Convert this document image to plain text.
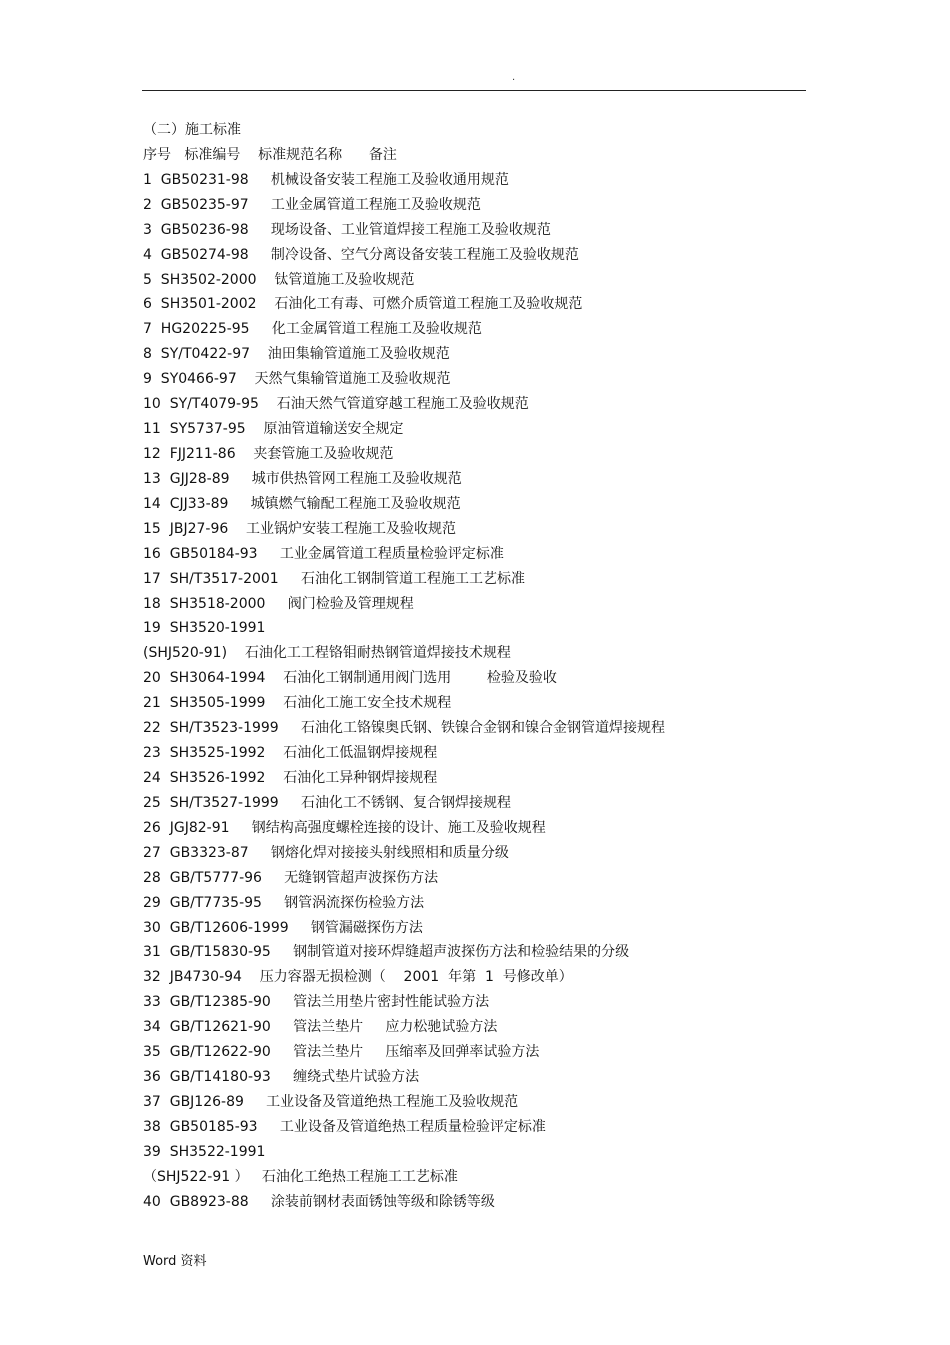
.
（二）施工标准
序号   标准编号    标准规范名称      备注
1  GB50231-98     机械设备安装工程施工及验收通用规范
2  GB50235-97     工业金属管道工程施工及验收规范
3  GB50236-98     现场设备、工业管道焊接工程施工及验收规范
4  GB50274-98     制冷设备、空气分离设备安装工程施工及验收规范
5  SH3502-2000    钛管道施工及验收规范
6  SH3501-2002    石油化工有毒、可燃介质管道工程施工及验收规范
7  HG20225-95     化工金属管道工程施工及验收规范
8  SY/T0422-97    油田集输管道施工及验收规范
9  SY0466-97    天然气集输管道施工及验收规范
10  SY/T4079-95    石油天然气管道穿越工程施工及验收规范
11  SY5737-95    原油管道输送安全规定
12  FJJ211-86    夹套管施工及验收规范
13  GJJ28-89     城市供热管网工程施工及验收规范
14  CJJ33-89     城镇燃气输配工程施工及验收规范
15  JBJ27-96    工业锅炉安装工程施工及验收规范
16  GB50184-93     工业金属管道工程质量检验评定标准
17  SH/T3517-2001     石油化工钢制管道工程施工工艺标准
18  SH3518-2000     阀门检验及管理规程
19  SH3520-1991
(SHJ520-91)    石油化工工程铬钼耐热钢管道焊接技术规程
20  SH3064-1994    石油化工钢制通用阀门选用        检验及验收
21  SH3505-1999    石油化工施工安全技术规程
22  SH/T3523-1999     石油化工铬镍奥氏钢、铁镍合金钢和镍合金钢管道焊接规程
23  SH3525-1992    石油化工低温钢焊接规程
24  SH3526-1992    石油化工异种钢焊接规程
25  SH/T3527-1999     石油化工不锈钢、复合钢焊接规程
26  JGJ82-91     钢结构高强度螺栓连接的设计、施工及验收规程
27  GB3323-87     钢熔化焊对接接头射线照相和质量分级
28  GB/T5777-96     无缝钢管超声波探伤方法
29  GB/T7735-95     钢管涡流探伤检验方法
30  GB/T12606-1999     钢管漏磁探伤方法
31  GB/T15830-95     钢制管道对接环焊缝超声波探伤方法和检验结果的分级
32  JB4730-94    压力容器无损检测（    2001  年第  1  号修改单）
33  GB/T12385-90     管法兰用垫片密封性能试验方法
34  GB/T12621-90     管法兰垫片     应力松驰试验方法
35  GB/T12622-90     管法兰垫片     压缩率及回弹率试验方法
36  GB/T14180-93     缠绕式垫片试验方法
37  GBJ126-89     工业设备及管道绝热工程施工及验收规范
38  GB50185-93     工业设备及管道绝热工程质量检验评定标准
39  SH3522-1991
（SHJ522-91 ）   石油化工绝热工程施工工艺标准
40  GB8923-88     涂装前钢材表面锈蚀等级和除锈等级
Word 资料
